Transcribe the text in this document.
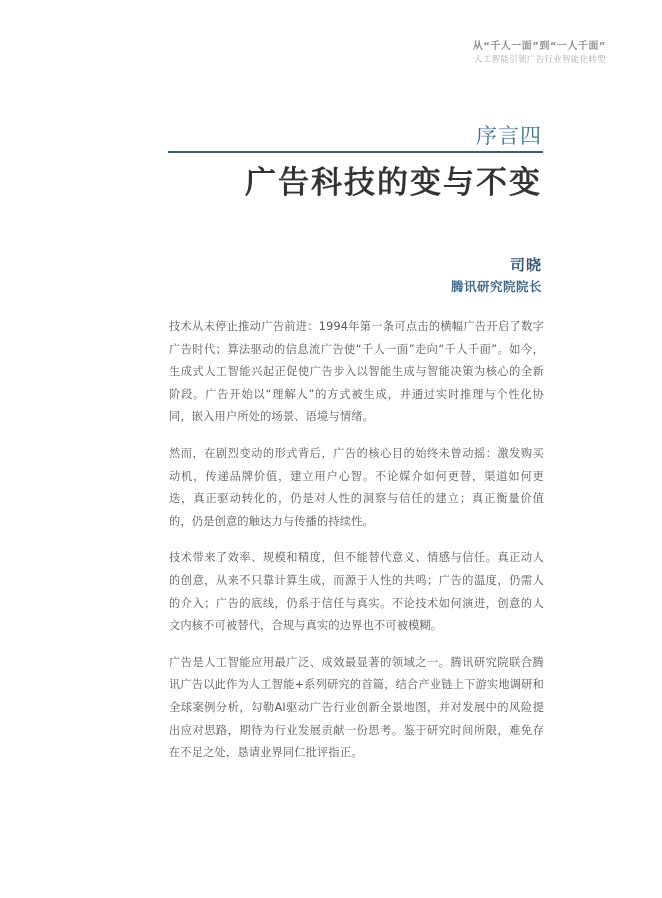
从“千人一面”到“一人千面”
人工智能引领广告行业智能化转型
序言四
广告科技的变与不变
司晓
腾讯研究院院长

技术从未停止推动广告前进：1994年第一条可点击的横幅广告开启了数字广告时代；算法驱动的信息流广告使“千人一面”走向“千人千面”。如今，生成式人工智能兴起正促使广告步入以智能生成与智能决策为核心的全新阶段。广告开始以“理解人”的方式被生成，并通过实时推理与个性化协同，嵌入用户所处的场景、语境与情绪。

然而，在剧烈变动的形式背后，广告的核心目的始终未曾动摇：激发购买动机，传递品牌价值，建立用户心智。不论媒介如何更替，渠道如何更迭，真正驱动转化的，仍是对人性的洞察与信任的建立；真正衡量价值的，仍是创意的触达力与传播的持续性。

技术带来了效率、规模和精度，但不能替代意义、情感与信任。真正动人的创意，从来不只靠计算生成，而源于人性的共鸣；广告的温度，仍需人的介入；广告的底线，仍系于信任与真实。不论技术如何演进，创意的人文内核不可被替代，合规与真实的边界也不可被模糊。

广告是人工智能应用最广泛、成效最显著的领域之一。腾讯研究院联合腾讯广告以此作为人工智能+系列研究的首篇，结合产业链上下游实地调研和全球案例分析，勾勒AI驱动广告行业创新全景地图，并对发展中的风险提出应对思路，期待为行业发展贡献一份思考。鉴于研究时间所限，难免存在不足之处，恳请业界同仁批评指正。
